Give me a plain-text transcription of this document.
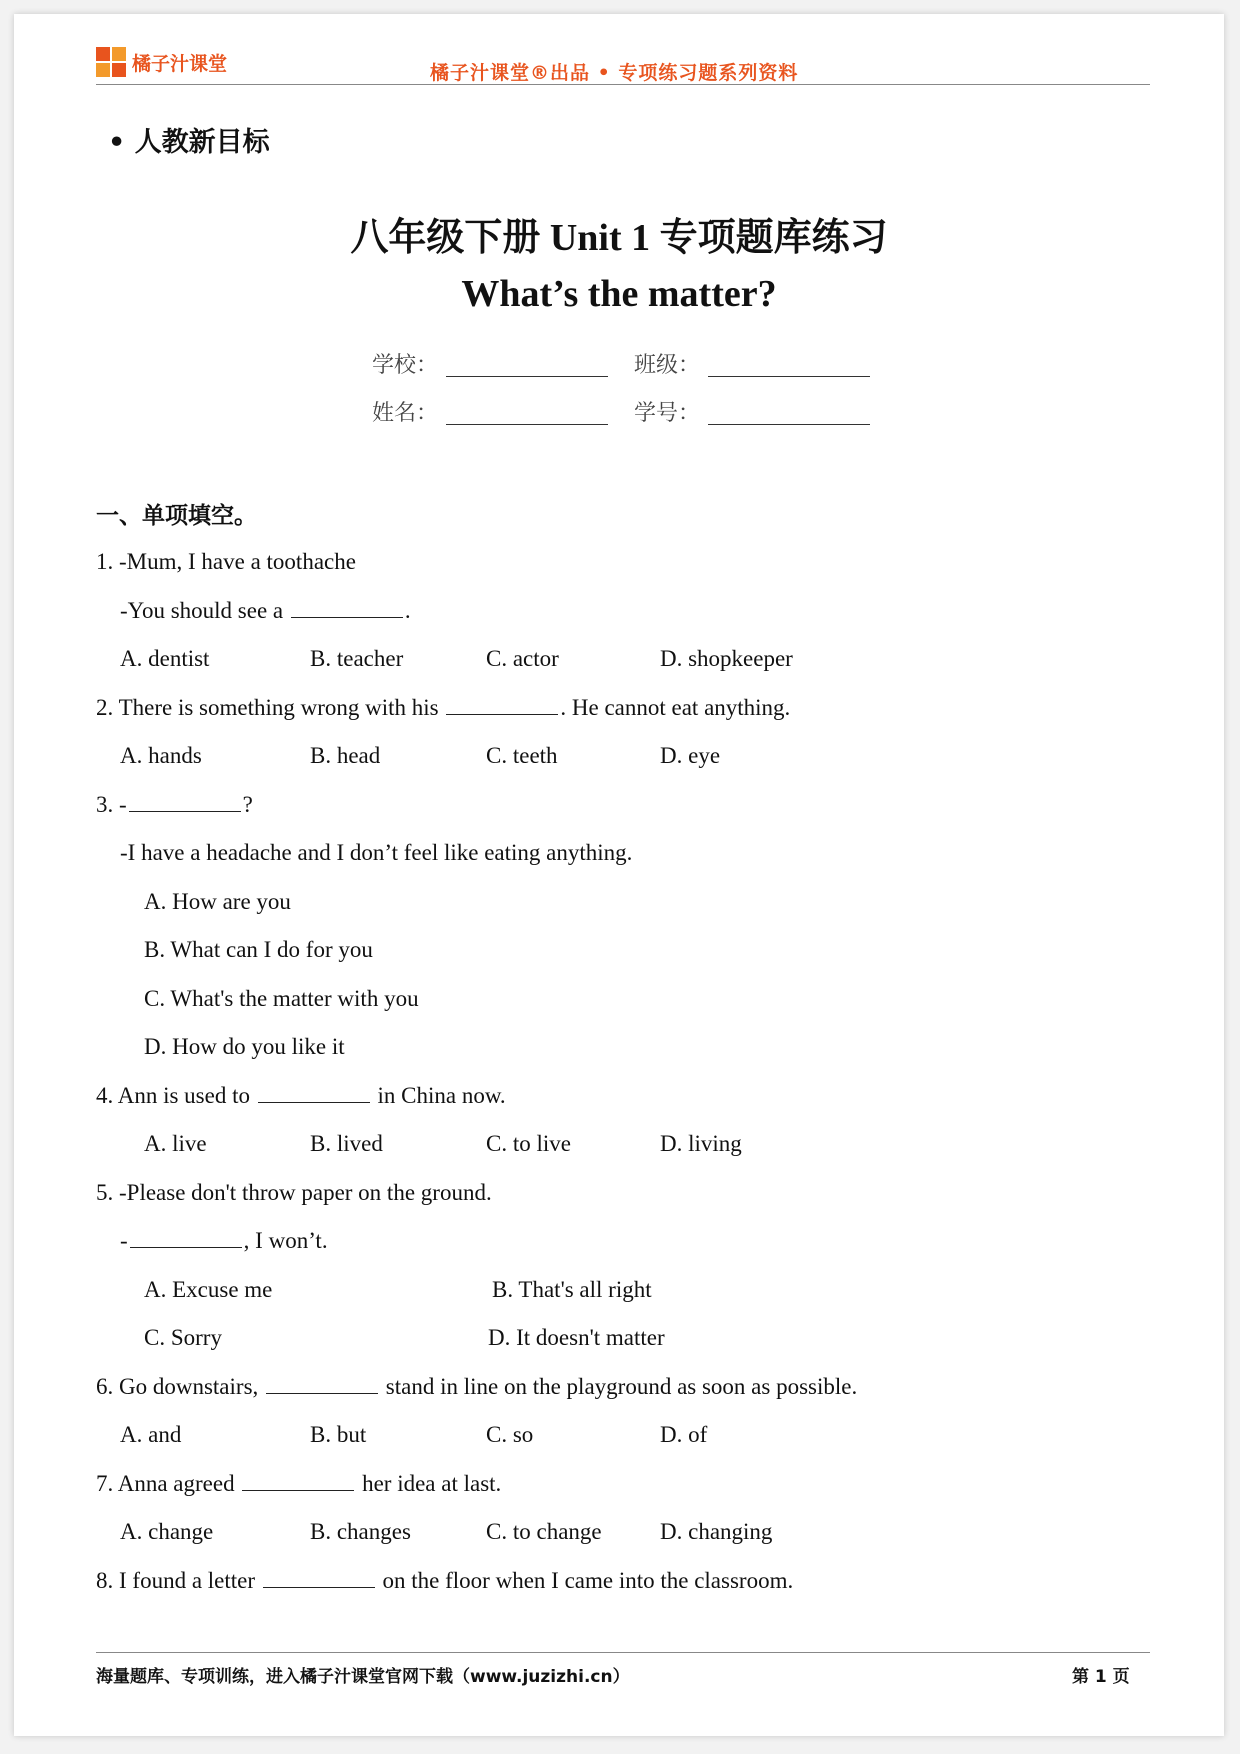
橘子汁课堂	橘子汁课堂®出品 • 专项练习题系列资料
• 人教新目标
八年级下册 Unit 1 专项题库练习
What’s the matter?
学校：	班级：
姓名：	学号：
一、单项填空。
1. -Mum, I have a toothache
-You should see a	.
A. dentist	B. teacher	C. actor	D. shopkeeper
2. There is something wrong with his	. He cannot eat anything.
A. hands	B. head	C. teeth	D. eye
3. -	?
-I have a headache and I don’t feel like eating anything.
A. How are you
B. What can I do for you
C. What's the matter with you
D. How do you like it
4. Ann is used to	in China now.
A. live	B. lived	C. to live	D. living
5. -Please don't throw paper on the ground.
-	, I won’t.
A. Excuse me	B. That's all right
C. Sorry	D. It doesn't matter
6. Go downstairs,	stand in line on the playground as soon as possible.
A. and	B. but	C. so	D. of
7. Anna agreed	her idea at last.
A. change	B. changes	C. to change	D. changing
8. I found a letter	on the floor when I came into the classroom.
海量题库、专项训练，进入橘子汁课堂官网下载（www.juzizhi.cn）	第 1 页
